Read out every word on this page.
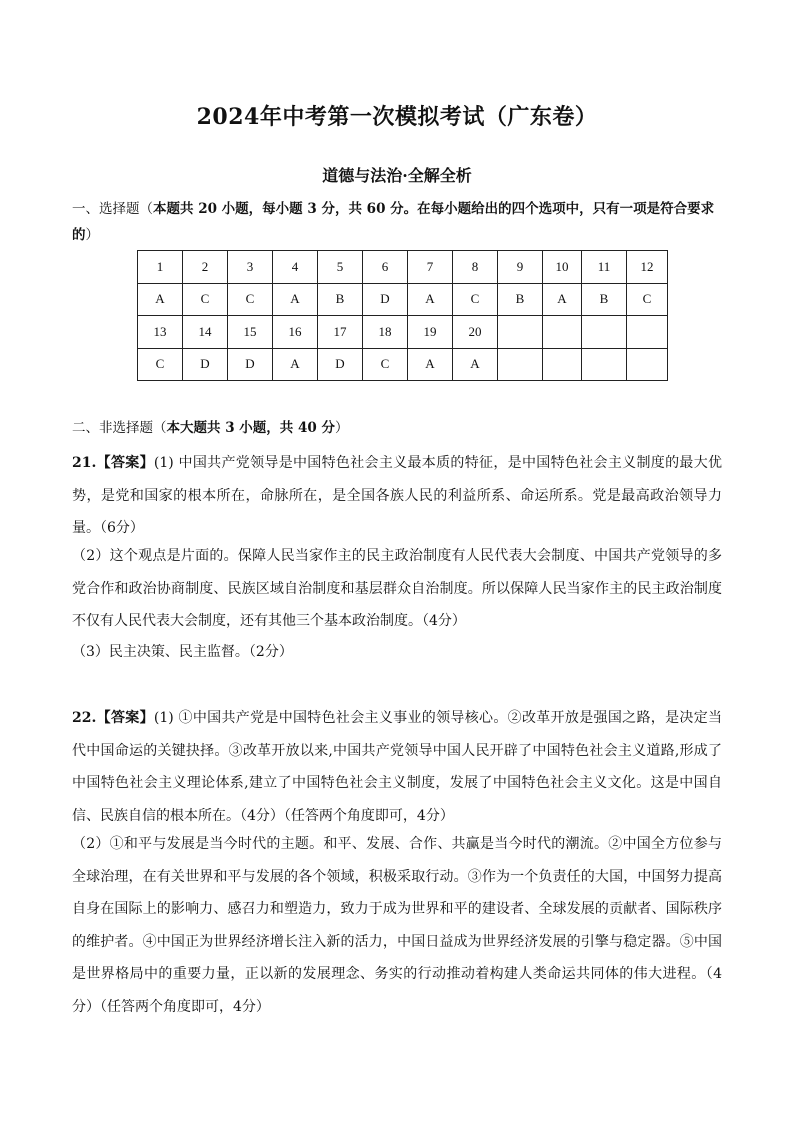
2024年中考第一次模拟考试（广东卷）
道德与法治·全解全析
一、选择题（本题共 20 小题，每小题 3 分，共 60 分。在每小题给出的四个选项中，只有一项是符合要求的）
1	2	3	4	5	6	7	8	9	10	11	12
A	C	C	A	B	D	A	C	B	A	B	C
13	14	15	16	17	18	19	20				
C	D	D	A	D	C	A	A				
二、非选择题（本大题共 3 小题，共 40 分）
21.【答案】(1) 中国共产党领导是中国特色社会主义最本质的特征，是中国特色社会主义制度的最大优势，是党和国家的根本所在，命脉所在，是全国各族人民的利益所系、命运所系。党是最高政治领导力量。（6分）
（2）这个观点是片面的。保障人民当家作主的民主政治制度有人民代表大会制度、中国共产党领导的多党合作和政治协商制度、民族区域自治制度和基层群众自治制度。所以保障人民当家作主的民主政治制度不仅有人民代表大会制度，还有其他三个基本政治制度。（4分）
（3）民主决策、民主监督。（2分）
22.【答案】(1) ①中国共产党是中国特色社会主义事业的领导核心。②改革开放是强国之路，是决定当代中国命运的关键抉择。③改革开放以来,中国共产党领导中国人民开辟了中国特色社会主义道路,形成了中国特色社会主义理论体系,建立了中国特色社会主义制度，发展了中国特色社会主义文化。这是中国自信、民族自信的根本所在。（4分）（任答两个角度即可，4分）
（2）①和平与发展是当今时代的主题。和平、发展、合作、共赢是当今时代的潮流。②中国全方位参与全球治理，在有关世界和平与发展的各个领域，积极采取行动。③作为一个负责任的大国，中国努力提高自身在国际上的影响力、感召力和塑造力，致力于成为世界和平的建设者、全球发展的贡献者、国际秩序的维护者。④中国正为世界经济增长注入新的活力，中国日益成为世界经济发展的引擎与稳定器。⑤中国是世界格局中的重要力量，正以新的发展理念、务实的行动推动着构建人类命运共同体的伟大进程。（4分）（任答两个角度即可，4分）
